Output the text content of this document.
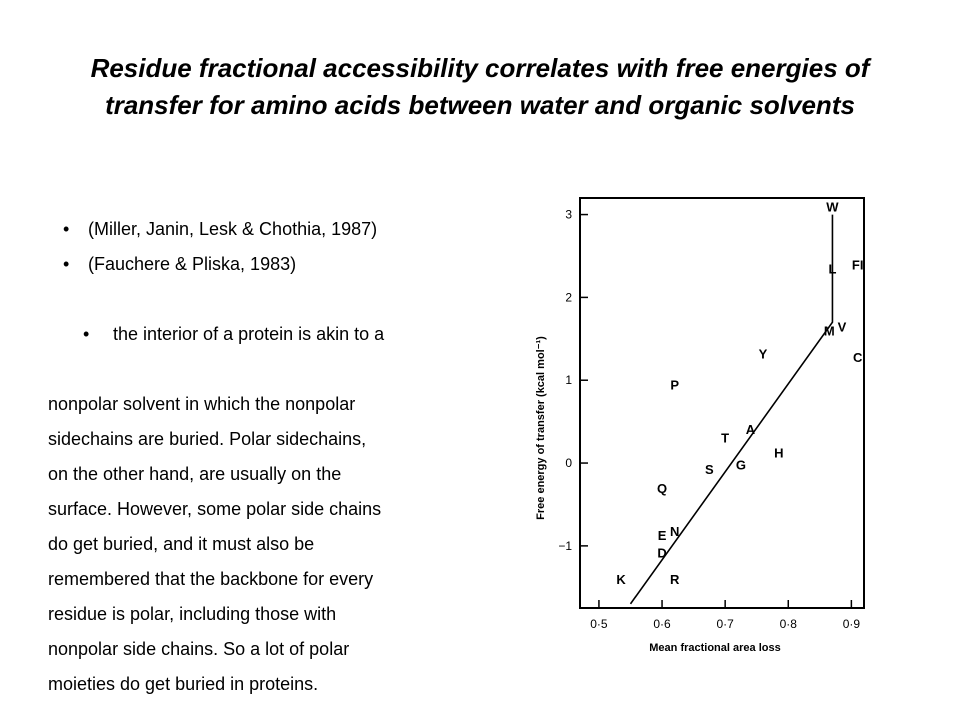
Residue fractional accessibility correlates with free energies of transfer for amino acids between water and organic solvents
• (Miller, Janin, Lesk & Chothia, 1987)
• (Fauchere & Pliska, 1983)

• the interior of a protein is akin to a

nonpolar solvent in which the nonpolar
sidechains are buried. Polar sidechains,
on the other hand, are usually on the
surface. However, some polar side chains
do get buried, and it must also be
remembered that the backbone for every
residue is polar, including those with
nonpolar side chains. So a lot of polar
moieties do get buried in proteins.
−1
0
1
2
3
0·5	0·6	0·7	0·8	0·9
W
L FI
M V
Y	C
P
T
A
H
G
S
Q
N
E
D
K	R
Mean fractional area loss
Free energy of transfer (kcal mol⁻¹)
